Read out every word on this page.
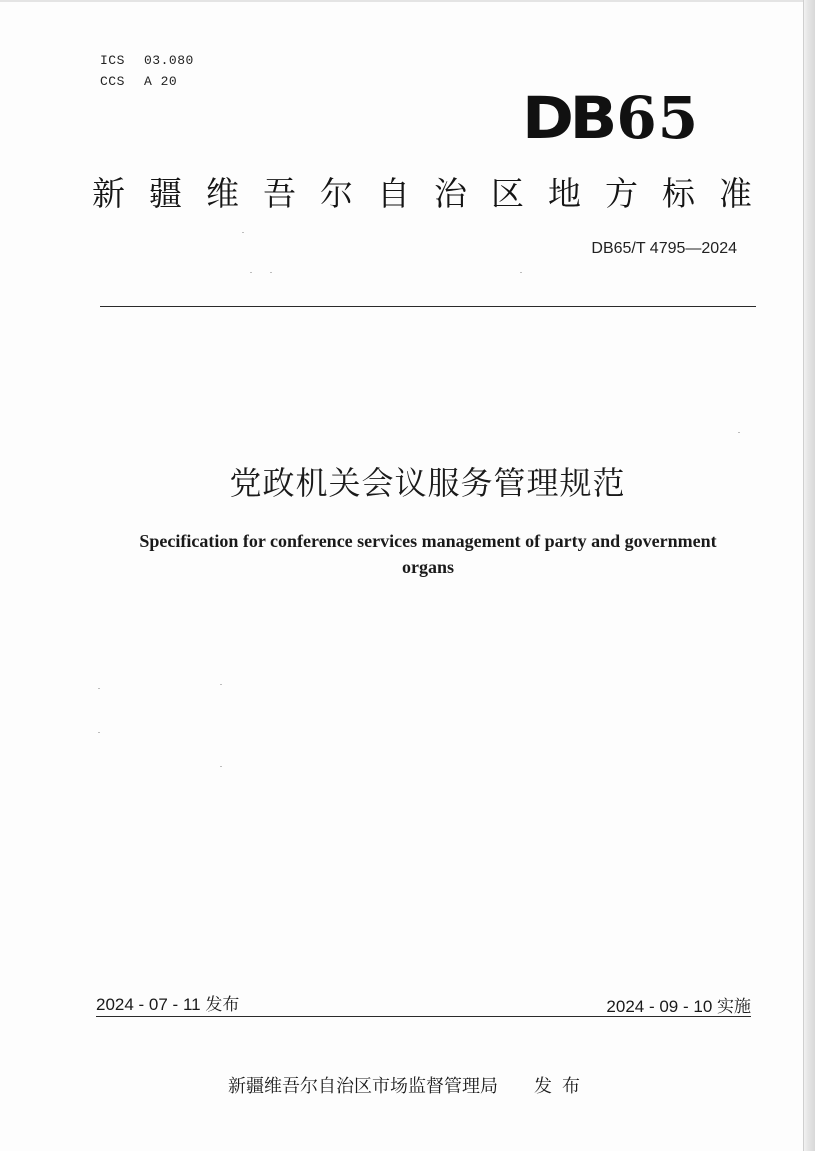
ICS 03.080
CCS A 20
DB65
新疆维吾尔自治区地方标准
DB65/T 4795—2024
党政机关会议服务管理规范
Specification for conference services management of party and government organs
2024 - 07 - 11 发布	2024 - 09 - 10 实施
新疆维吾尔自治区市场监督管理局 发布
